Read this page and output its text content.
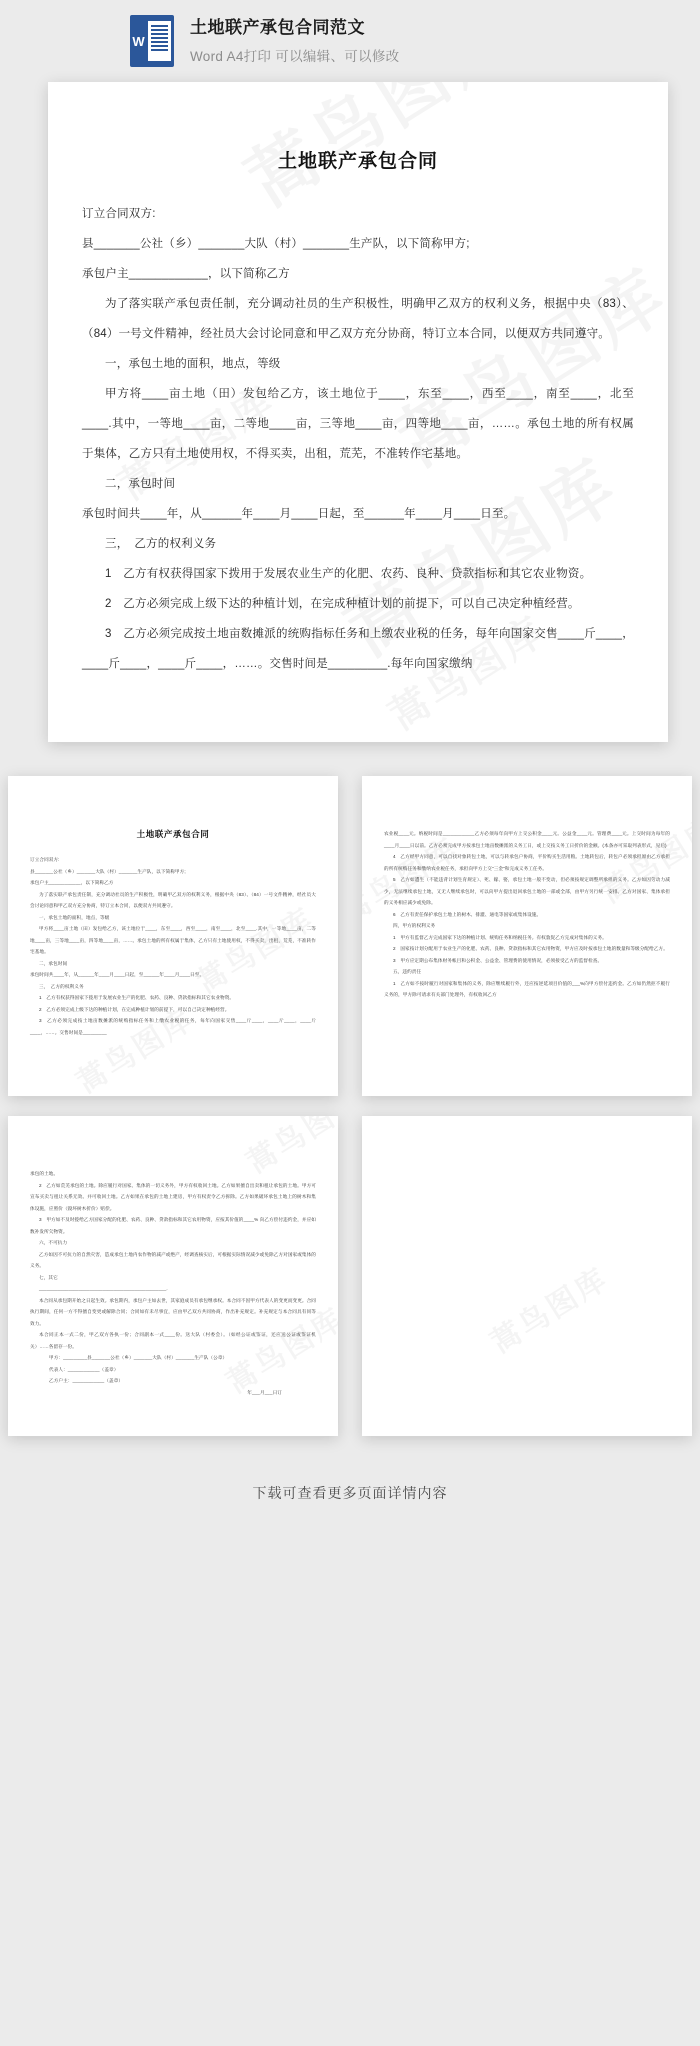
W
土地联产承包合同范文
Word A4打印 可以编辑、可以修改
土地联产承包合同

订立合同双方:

县_______公社（乡）_______大队（村）_______生产队，以下简称甲方;

承包户主____________，以下简称乙方

为了落实联产承包责任制，充分调动社员的生产积极性，明确甲乙双方的权利义务，根据中央（83）、（84）一号文件精神，经社员大会讨论同意和甲乙双方充分协商，特订立本合同，以便双方共同遵守。

一，承包土地的面积，地点，等级

甲方将____亩土地（田）发包给乙方，该土地位于____，东至____，西至____，南至____，北至____.其中，一等地____亩，二等地____亩，三等地____亩，四等地____亩，……。承包土地的所有权属于集体，乙方只有土地使用权，不得买卖，出租，荒芜，不准转作宅基地。

二，承包时间

承包时间共____年，从______年____月____日起，至______年____月____日至。

三，　乙方的权利义务

1　乙方有权获得国家下拨用于发展农业生产的化肥、农药、良种、贷款指标和其它农业物资。

2　乙方必须完成上级下达的种植计划，在完成种植计划的前提下，可以自己决定种植经营。

3　乙方必须完成按土地亩数摊派的统购指标任务和上缴农业税的任务，每年向国家交售____斤____，____斤____，____斤____，……。交售时间是_________.每年向国家缴纳

土地联产承包合同

订立合同双方:

县_______公社（乡）_______大队（村）_______生产队，以下简称甲方;

承包户主____________，以下简称乙方

为了落实联产承包责任制，充分调动社员的生产积极性，明确甲乙双方的权利义务，根据中央（83）、（84）一号文件精神，经社员大会讨论同意和甲乙双方充分协商，特订立本合同，以便双方共同遵守。

一，承包土地的面积，地点，等级

甲方将____亩土地（田）发包给乙方，该土地位于____，东至____，西至____，南至____，北至____.其中，一等地____亩，二等地____亩，三等地____亩，四等地____亩，……。承包土地的所有权属于集体，乙方只有土地使用权，不得买卖，出租，荒芜，不准转作宅基地。

二，承包时间

承包时间共____年，从______年____月____日起，至______年____月____日至。

三，　乙方的权利义务

1　乙方有权获得国家下拨用于发展农业生产的化肥、农药、良种、贷款指标和其它农业物资。

2　乙方必须完成上级下达的种植计划，在完成种植计划的前提下，可以自己决定种植经营。

3　乙方必须完成按土地亩数摊派的统购指标任务和上缴农业税的任务，每年向国家交售____斤____，____斤____，____斤____，……。交售时间是_________

农业税____元。纳税时间是____________乙方必须每年向甲方上交公积金____元。公益金____元。管理费____元。上交时间为每年的____月____日以前。乙方必须完成甲方按承包土地亩数摊派的义务工日，或上交按义务工日折价的金额。(本条亦可采取列表形式，见后)

4　乙方经甲方同意，可以自找对象转包土地，可以与转承包户协商，平价购买生活用粮。土地转包后，转包户必须承担原由乙方承担的所有统购任务和缴纳农业税任务，承担向甲方上交"三金"和完成义务工任务。

5　乙方如遭生（不能违背计划生育规定）、死、嫁、娶，承包土地一般不变动，但必须按规定调整所承担的义务。乙方如因劳动力减少，无法继续承包土地，又无人继续承包时，可以向甲方提出退回承包土地的一部或全部，由甲方另行统一安排。乙方对国家、集体承担的义务相应减少或免除。

6　乙方有责任保护承包土地上的树木、排灌、通电等国家或集体设施。

四，甲方的权利义务

1　甲方有监督乙方完成国家下达的种植计划、统购任务和纳税任务。有权敦促乙方完成对集体的义务。

2　国家按计划分配用于农业生产的化肥、农药、良种、贷款指标和其它农用物资，甲方应及时按承包土地的数量和等级分配给乙方。

3　甲方应定期公布集体财务帐目和公积金、公益金、管理费的使用情况，必须接受乙方的监督检查。

五，违约责任

1　乙方如不按时履行对国家和集体的义务，除应继续履行外，还应按逆延项目价值的___%向甲方偿付违约金。乙方如仍然拒不履行义务的，甲方除可请求有关部门处理外，有权收回乙方

承包的土地。

2　乙方如荒芜承包的土地。除应履行对国家、集体的一切义务外，甲方有权收回土地。乙方如果擅自出卖和租让承包的土地。甲方可宣布买卖与租让关系无效。并可收回土地。乙方如果在承包的土地上建房，甲方有权责令乙方拆除。乙方如果破坏承包土地上的树木和集体设施，应照价（毁坏树木折价）赔偿。

3　甲方如不及时拨给乙方国家分配的化肥、农药、良种、贷款指标和其它农用物资，应按其价值的____% 向乙方偿付违约金，并应如数补发所欠物资。

六，不可抗力

乙方如因不可抗力的自然灾害，造成承包土地内农作物的减产或绝产，经调查核实后，可根据实际情况减少或免除乙方对国家或集体的义务。

七，其它

________________________________________________.

本合同从承包期开始之日起生效。承包期内，承包户主如去世，其家庭成员有承包继承权。本合同不因甲方代表人的变更而变更。合同执行期间，任何一方不得擅自变更或解除合同；合同如有未尽事宜，应由甲乙双方共同协商，作出补充规定。补充规定与本合同具有同等效力。

本合同正本一式二份，甲乙双方各执一份；合同副本一式____份。送大队（村委会）。（如经公证或鉴证，还应送公证或鉴证机关）……各留存一份。

甲方：_________县_______公社（乡）_______大队（村）_______生产队（公章）

代表人：____________（盖章）

乙方户主：____________（盖章）

年___月___日订

下载可查看更多页面详情内容
